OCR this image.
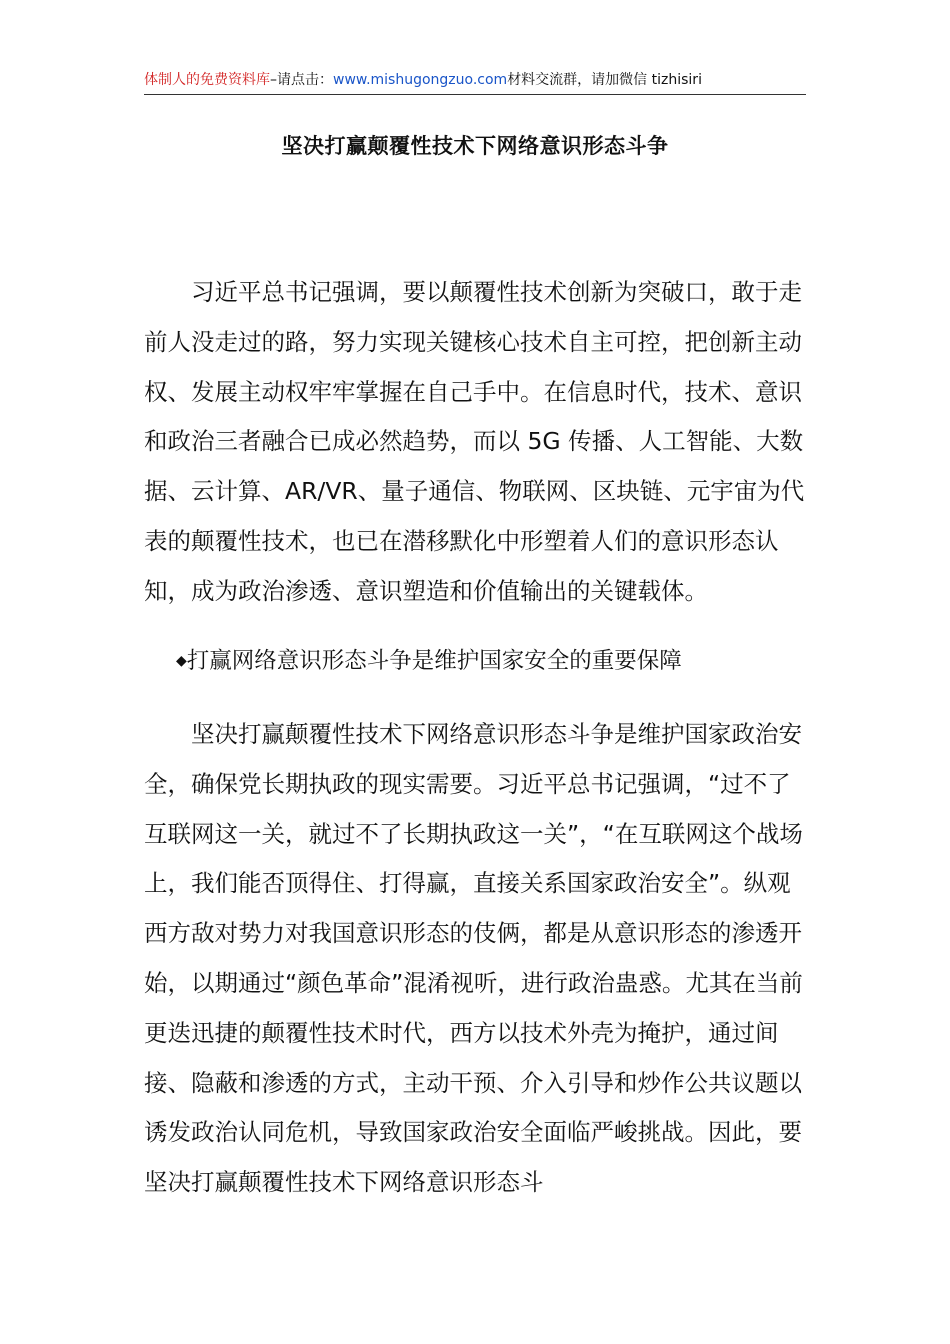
体制人的免费资料库–请点击：www.mishugongzuo.com材料交流群，请加微信 tizhisiri
坚决打赢颠覆性技术下网络意识形态斗争

习近平总书记强调，要以颠覆性技术创新为突破口，敢于走前人没走过的路，努力实现关键核心技术自主可控，把创新主动权、发展主动权牢牢掌握在自己手中。在信息时代，技术、意识和政治三者融合已成必然趋势，而以 5G 传播、人工智能、大数据、云计算、AR/VR、量子通信、物联网、区块链、元宇宙为代表的颠覆性技术，也已在潜移默化中形塑着人们的意识形态认知，成为政治渗透、意识塑造和价值输出的关键载体。

◆打赢网络意识形态斗争是维护国家安全的重要保障

坚决打赢颠覆性技术下网络意识形态斗争是维护国家政治安全，确保党长期执政的现实需要。习近平总书记强调，“过不了互联网这一关，就过不了长期执政这一关”，“在互联网这个战场上，我们能否顶得住、打得赢，直接关系国家政治安全”。纵观西方敌对势力对我国意识形态的伎俩，都是从意识形态的渗透开始，以期通过“颜色革命”混淆视听，进行政治蛊惑。尤其在当前更迭迅捷的颠覆性技术时代，西方以技术外壳为掩护，通过间接、隐蔽和渗透的方式，主动干预、介入引导和炒作公共议题以诱发政治认同危机，导致国家政治安全面临严峻挑战。因此，要坚决打赢颠覆性技术下网络意识形态斗
